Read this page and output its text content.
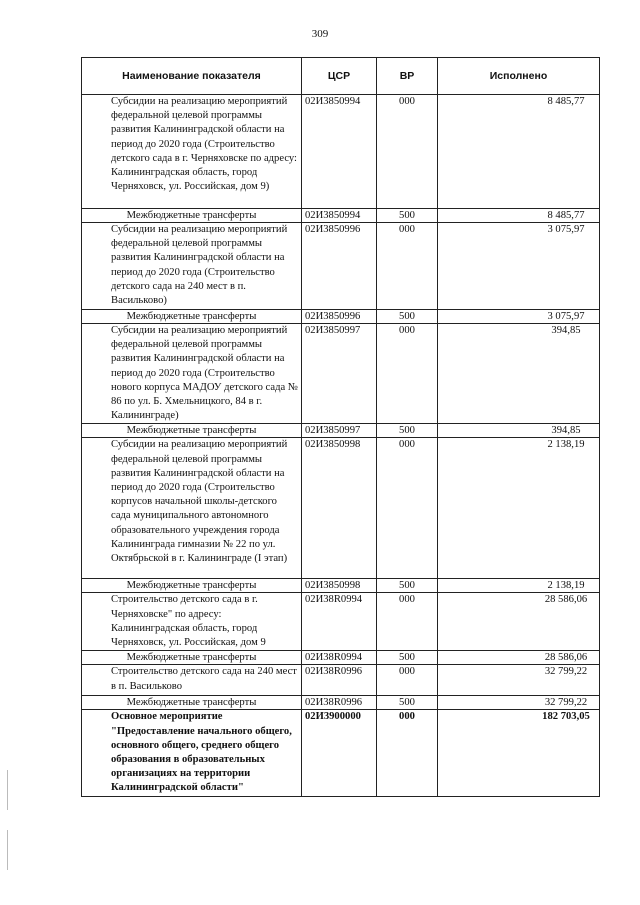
309
Наименование показателя	ЦСР	ВР	Исполнено

Субсидии на реализацию мероприятий федеральной целевой программы развития Калининградской области на период до 2020 года (Строительство детского сада в г. Черняховске по адресу: Калининградская область, город Черняховск, ул. Российская, дом 9)	02И3850994	000	8 485,77
Межбюджетные трансферты	02И3850994	500	8 485,77

Субсидии на реализацию мероприятий федеральной целевой программы развития Калининградской области на период до 2020 года (Строительство детского сада на 240 мест в п. Васильково)	02И3850996	000	3 075,97
Межбюджетные трансферты	02И3850996	500	3 075,97

Субсидии на реализацию мероприятий федеральной целевой программы развития Калининградской области на период до 2020 года (Строительство нового корпуса МАДОУ детского сада № 86 по ул. Б. Хмельницкого, 84 в г. Калининграде)	02И3850997	000	394,85
Межбюджетные трансферты	02И3850997	500	394,85

Субсидии на реализацию мероприятий федеральной целевой программы развития Калининградской области на период до 2020 года (Строительство корпусов начальной школы-детского сада муниципального автономного образовательного учреждения города Калининграда гимназии № 22 по ул. Октябрьской в г. Калининграде (I этап)	02И3850998	000	2 138,19
Межбюджетные трансферты	02И3850998	500	2 138,19

Строительство детского сада в г. Черняховске" по адресу: Калининградская область, город Черняховск, ул. Российская, дом 9	02И38R0994	000	28 586,06
Межбюджетные трансферты	02И38R0994	500	28 586,06

Строительство детского сада на 240 мест в п. Васильково	02И38R0996	000	32 799,22
Межбюджетные трансферты	02И38R0996	500	32 799,22

Основное мероприятие "Предоставление начального общего, основного общего, среднего общего образования в образовательных организациях на территории Калининградской области"	02И3900000	000	182 703,05
